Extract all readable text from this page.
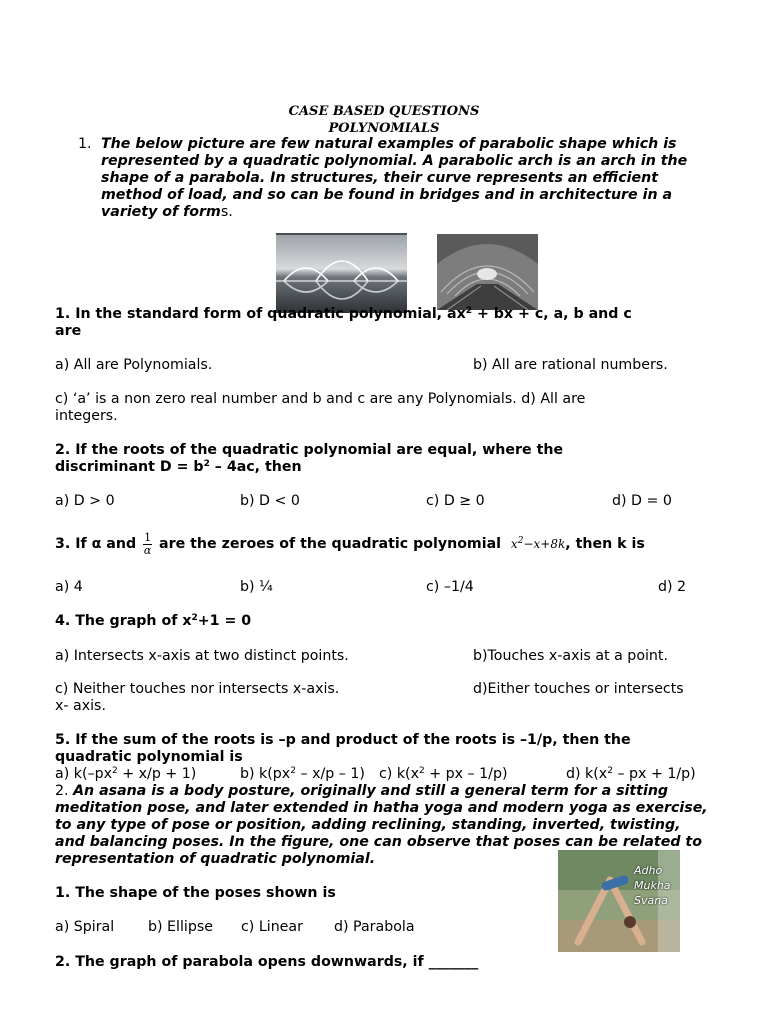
CASE BASED QUESTIONS
POLYNOMIALS
1. The below picture are few natural examples of parabolic shape which is represented by a quadratic polynomial. A parabolic arch is an arch in the shape of a parabola. In structures, their curve represents an efficient method of load, and so can be found in bridges and in architecture in a variety of forms.
1. In the standard form of quadratic polynomial, $ax^2$ + bx + c, a, b and c
are
a) All are Polynomials.	b) All are rational numbers.
c) ‘a’ is a non zero real number and b and c are any Polynomials. d) All are
integers.
2. If the roots of the quadratic polynomial are equal, where the
discriminant $D = b^2 - 4ac$, then
a) D > 0	b) D < 0	c) D ≥ 0	d) D = 0
3. If α and $\frac{1}{\alpha}$ are the zeroes of the quadratic polynomial $x^2-x+8k$, then k is
a) 4	b) ¼	c) –1/4	d) 2
4. The graph of $x^2+1 = 0$
a) Intersects x-axis at two distinct points.	b)Touches x-axis at a point.
c) Neither touches nor intersects x-axis.	d)Either touches or intersects
x- axis.
5. If the sum of the roots is –p and product of the roots is –1/p, then the
quadratic polynomial is
a) $k(-px^2 + x/p + 1)$	b) $k(px^2 - x/p - 1)$ c) $k(x^2$ + px – 1/p)	d) $k(x^2$ – px + 1/p)
2. An asana is a body posture, originally and still a general term for a sitting meditation pose, and later extended in hatha yoga and modern yoga as exercise, to any type of pose or position, adding reclining, standing, inverted, twisting, and balancing poses. In the figure, one can observe that poses can be related to representation of quadratic polynomial.
Adho
Mukha
Svana
1. The shape of the poses shown is
a) Spiral b) Ellipse c) Linear d) Parabola
2. The graph of parabola opens downwards, if _______
